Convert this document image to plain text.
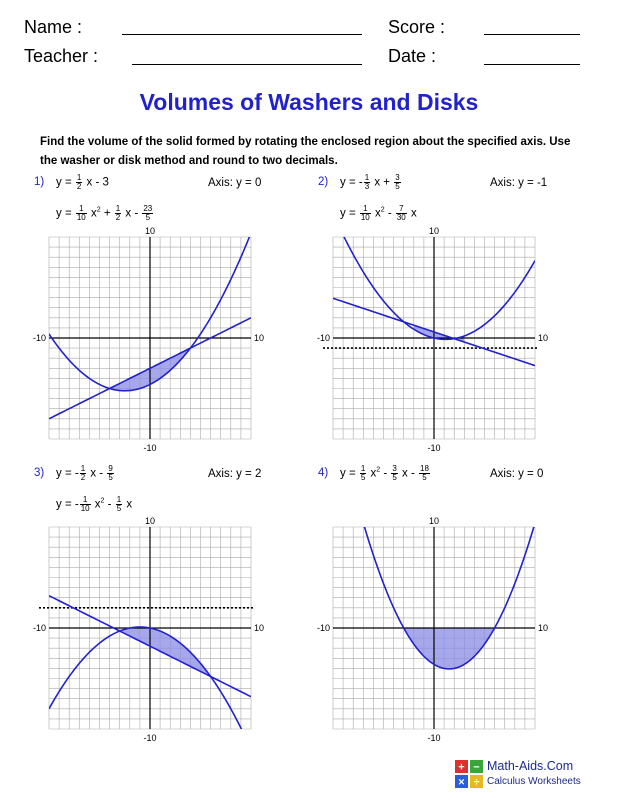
Name :	Score :
Teacher :	Date :
Volumes of Washers and Disks
Find the volume of the solid formed by rotating the enclosed region about the specified axis. Use the washer or disk method and round to two decimals.
1) $y = \frac{1}{2}$ x - 3	Axis: y = 0
$y = \frac{1}{10} x^2 + \frac{1}{2}$ x - $\frac{23}{5}$
2) y = - $\frac{1}{3}$ $x + \frac{3}{5}$	Axis: y = -1
$y = \frac{1}{10} x^2 - \frac{7}{30}$ x
3) y = - $\frac{1}{2}$ x - $\frac{9}{5}$	Axis: y = 2
y = - $\frac{1}{10} x^2 - \frac{1}{5}$ x
4) $y = \frac{1}{5} x^2 - \frac{3}{5}$ x - $\frac{18}{5}$	Axis: y = 0
10
-10
-10	10
10
-10
-10	10
10
-10
-10	10
10
-10
-10	10
+ −
× ÷
Math-Aids.Com
Calculus Worksheets
